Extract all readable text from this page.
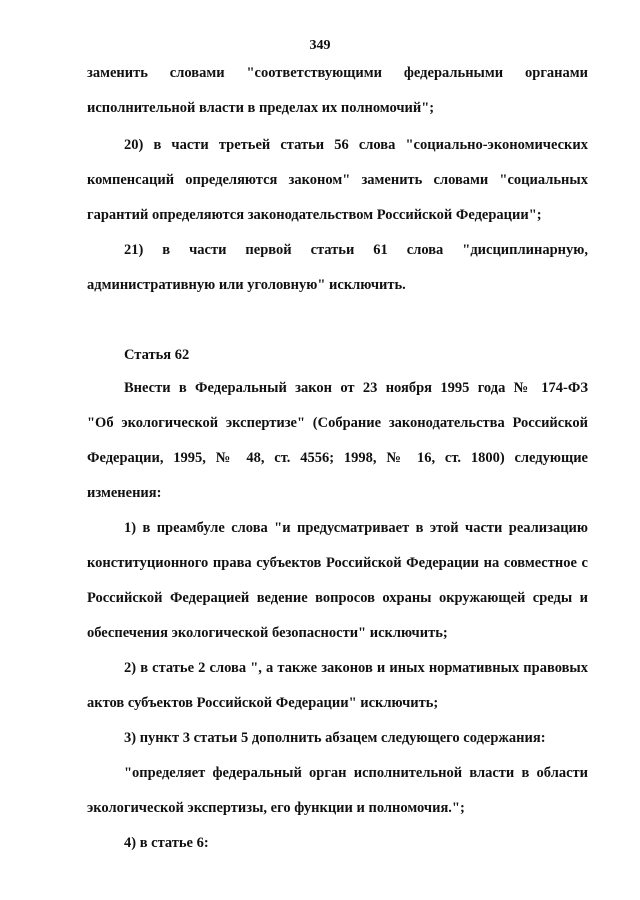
349
заменить словами "соответствующими федеральными органами
исполнительной власти в пределах их полномочий";
20) в части третьей статьи 56 слова "социально-экономических
компенсаций определяются законом" заменить словами "социальных
гарантий определяются законодательством Российской Федерации";
21) в части первой статьи 61 слова "дисциплинарную,
административную или уголовную" исключить.
Статья 62
Внести в Федеральный закон от 23 ноября 1995 года № 174-ФЗ
"Об экологической экспертизе" (Собрание законодательства Российской
Федерации, 1995, № 48, ст. 4556; 1998, № 16, ст. 1800) следующие
изменения:
1) в преамбуле слова "и предусматривает в этой части реализацию
конституционного права субъектов Российской Федерации на совместное с
Российской Федерацией ведение вопросов охраны окружающей среды и
обеспечения экологической безопасности" исключить;
2) в статье 2 слова ", а также законов и иных нормативных правовых
актов субъектов Российской Федерации" исключить;
3) пункт 3 статьи 5 дополнить абзацем следующего содержания:
"определяет федеральный орган исполнительной власти в области
экологической экспертизы, его функции и полномочия.";
4) в статье 6:
